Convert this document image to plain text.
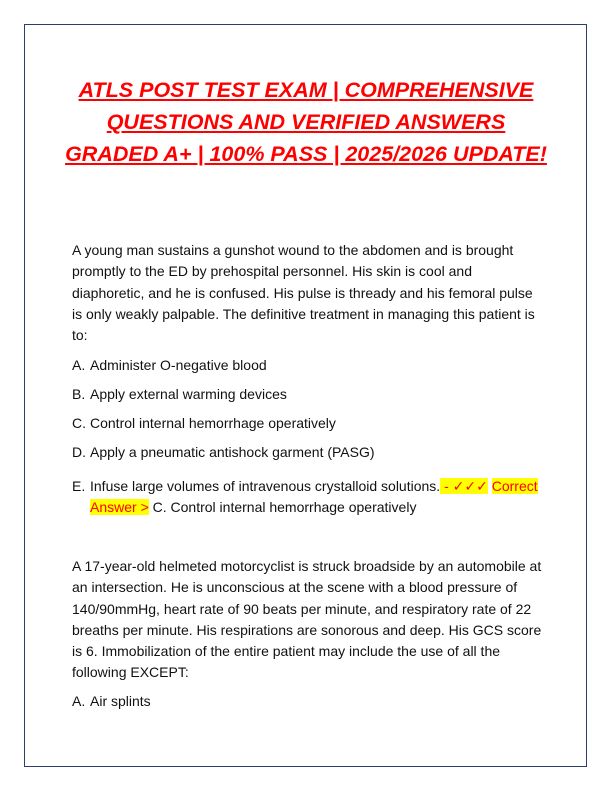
ATLS POST TEST EXAM | COMPREHENSIVE QUESTIONS AND VERIFIED ANSWERS GRADED A+ | 100% PASS | 2025/2026 UPDATE!
A young man sustains a gunshot wound to the abdomen and is brought promptly to the ED by prehospital personnel. His skin is cool and diaphoretic, and he is confused. His pulse is thready and his femoral pulse is only weakly palpable. The definitive treatment in managing this patient is to:
A. Administer O-negative blood
B. Apply external warming devices
C. Control internal hemorrhage operatively
D. Apply a pneumatic antishock garment (PASG)
E. Infuse large volumes of intravenous crystalloid solutions. - ✓✓✓ Correct Answer > C. Control internal hemorrhage operatively
A 17-year-old helmeted motorcyclist is struck broadside by an automobile at an intersection. He is unconscious at the scene with a blood pressure of 140/90mmHg, heart rate of 90 beats per minute, and respiratory rate of 22 breaths per minute. His respirations are sonorous and deep. His GCS score is 6. Immobilization of the entire patient may include the use of all the following EXCEPT:
A. Air splints
